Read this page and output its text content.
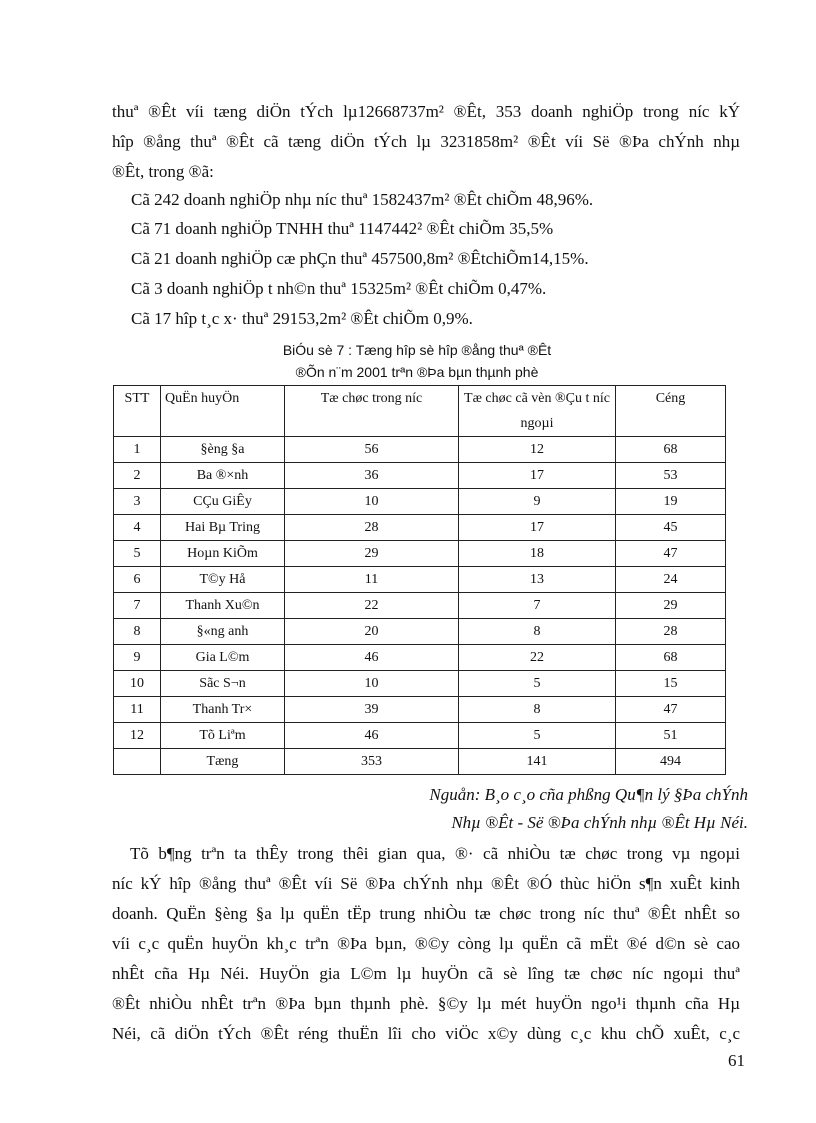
thuª ®Êt víi tæng diÖn tÝch lµ12668737m² ®Êt, 353 doanh nghiÖp trong níc kÝ
hîp ®ång thuª ®Êt cã tæng diÖn tÝch lµ 3231858m² ®Êt víi Së ®Þa chÝnh nhµ
®Êt, trong ®ã:
Cã 242 doanh nghiÖp nhµ níc thuª 1582437m² ®Êt chiÕm 48,96%.
Cã 71 doanh nghiÖp TNHH thuª 1147442² ®Êt chiÕm 35,5%
Cã 21 doanh nghiÖp cæ phÇn thuª 457500,8m² ®ÊtchiÕm14,15%.
Cã 3 doanh nghiÖp t nh©n thuª 15325m² ®Êt chiÕm 0,47%.
Cã 17 hîp t¸c x· thuª 29153,2m² ®Êt chiÕm 0,9%.
BiÓu sè 7 : Tæng hîp sè hîp ®ång thuª ®Êt
®Õn n¨m 2001 trªn ®Þa bµn thµnh phè
STT	QuËn huyÖn	Tæ chøc trong níc	Tæ chøc cã vèn ®Çu t níc ngoµi	Céng
1	§èng §a	56	12	68
2	Ba ®×nh	36	17	53
3	CÇu GiÊy	10	9	19
4	Hai Bµ Tring	28	17	45
5	Hoµn KiÕm	29	18	47
6	T©y Hå	11	13	24
7	Thanh Xu©n	22	7	29
8	§«ng anh	20	8	28
9	Gia L©m	46	22	68
10	Sãc S¬n	10	5	15
11	Thanh Tr×	39	8	47
12	Tõ Liªm	46	5	51
	Tæng	353	141	494
Nguån: B¸o c¸o cña phßng Qu¶n lý §Þa chÝnh
Nhµ ®Êt - Së ®Þa chÝnh nhµ ®Êt Hµ Néi.
Tõ b¶ng trªn ta thÊy trong thêi gian qua, ®· cã nhiÒu tæ chøc trong vµ ngoµi
níc kÝ hîp ®ång thuª ®Êt víi Së ®Þa chÝnh nhµ ®Êt ®Ó thùc hiÖn s¶n xuÊt kinh
doanh. QuËn §èng §a lµ quËn tËp trung nhiÒu tæ chøc trong níc thuª ®Êt nhÊt so
víi c¸c quËn huyÖn kh¸c trªn ®Þa bµn, ®©y còng lµ quËn cã mËt ®é d©n sè cao
nhÊt cña Hµ Néi. HuyÖn gia L©m lµ huyÖn cã sè lîng tæ chøc níc ngoµi thuª
®Êt nhiÒu nhÊt trªn ®Þa bµn thµnh phè. §©y lµ mét huyÖn ngo¹i thµnh cña Hµ
Néi, cã diÖn tÝch ®Êt réng thuËn lîi cho viÖc x©y dùng c¸c khu chÕ xuÊt, c¸c
61
